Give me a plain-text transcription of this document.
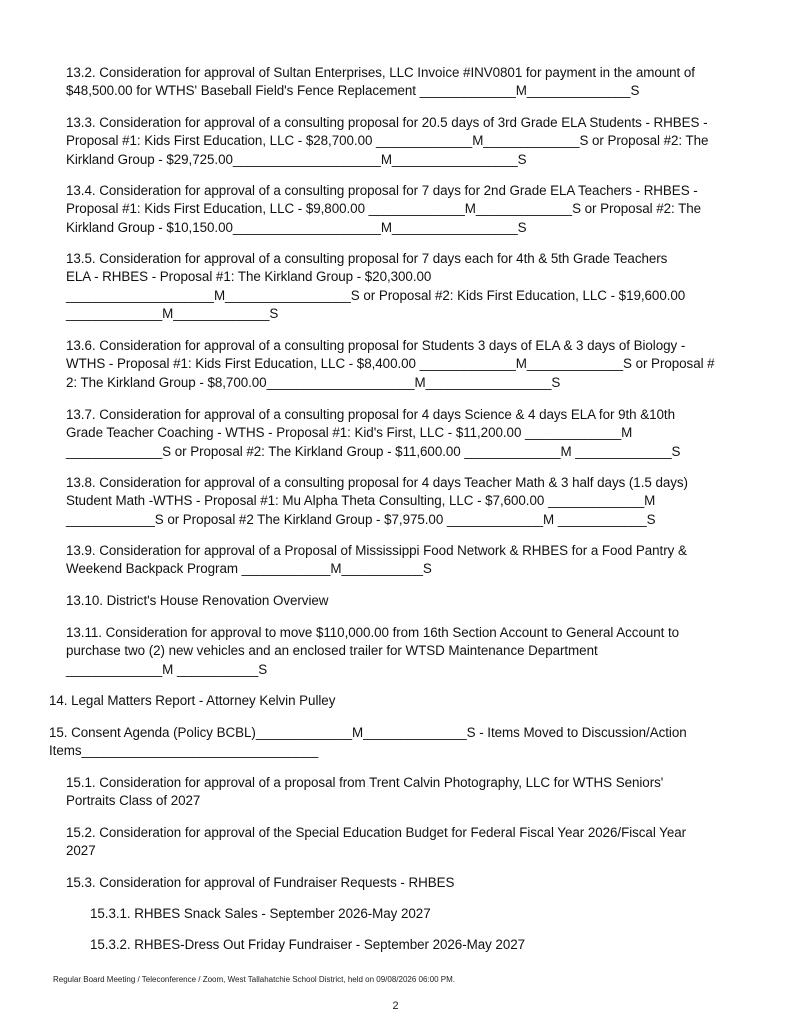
13.2. Consideration for approval of Sultan Enterprises, LLC Invoice #INV0801 for payment in the amount of
$48,500.00 for WTHS' Baseball Field's Fence Replacement _____________M______________S
13.3. Consideration for approval of a consulting proposal for 20.5 days of 3rd Grade ELA Students - RHBES -
Proposal #1: Kids First Education, LLC - $28,700.00 _____________M_____________S or Proposal #2: The
Kirkland Group - $29,725.00____________________M_________________S
13.4. Consideration for approval of a consulting proposal for 7 days for 2nd Grade ELA Teachers - RHBES -
Proposal #1: Kids First Education, LLC - $9,800.00 _____________M_____________S or Proposal #2: The
Kirkland Group - $10,150.00____________________M_________________S
13.5. Consideration for approval of a consulting proposal for 7 days each for 4th & 5th Grade Teachers
ELA - RHBES - Proposal #1: The Kirkland Group - $20,300.00
____________________M_________________S or Proposal #2: Kids First Education, LLC - $19,600.00
_____________M_____________S
13.6. Consideration for approval of a consulting proposal for Students 3 days of ELA & 3 days of Biology -
WTHS - Proposal #1: Kids First Education, LLC - $8,400.00 _____________M_____________S or Proposal #
2: The Kirkland Group - $8,700.00____________________M_________________S
13.7. Consideration for approval of a consulting proposal for 4 days Science & 4 days ELA for 9th &10th
Grade Teacher Coaching - WTHS - Proposal #1: Kid's First, LLC - $11,200.00 _____________M
_____________S or Proposal #2: The Kirkland Group - $11,600.00 _____________M _____________S
13.8. Consideration for approval of a consulting proposal for 4 days Teacher Math & 3 half days (1.5 days)
Student Math -WTHS - Proposal #1: Mu Alpha Theta Consulting, LLC - $7,600.00 _____________M
____________S or Proposal #2 The Kirkland Group - $7,975.00 _____________M ____________S
13.9. Consideration for approval of a Proposal of Mississippi Food Network & RHBES for a Food Pantry &
Weekend Backpack Program ____________M___________S
13.10. District's House Renovation Overview
13.11. Consideration for approval to move $110,000.00 from 16th Section Account to General Account to
purchase two (2) new vehicles and an enclosed trailer for WTSD Maintenance Department
_____________M ___________S
14. Legal Matters Report - Attorney Kelvin Pulley
15. Consent Agenda (Policy BCBL)_____________M______________S - Items Moved to Discussion/Action
Items________________________________
15.1. Consideration for approval of a proposal from Trent Calvin Photography, LLC for WTHS Seniors'
Portraits Class of 2027
15.2. Consideration for approval of the Special Education Budget for Federal Fiscal Year 2026/Fiscal Year
2027
15.3. Consideration for approval of Fundraiser Requests - RHBES
15.3.1. RHBES Snack Sales - September 2026-May 2027
15.3.2. RHBES-Dress Out Friday Fundraiser - September 2026-May 2027
Regular Board Meeting / Teleconference / Zoom, West Tallahatchie School District, held on 09/08/2026 06:00 PM.
2
